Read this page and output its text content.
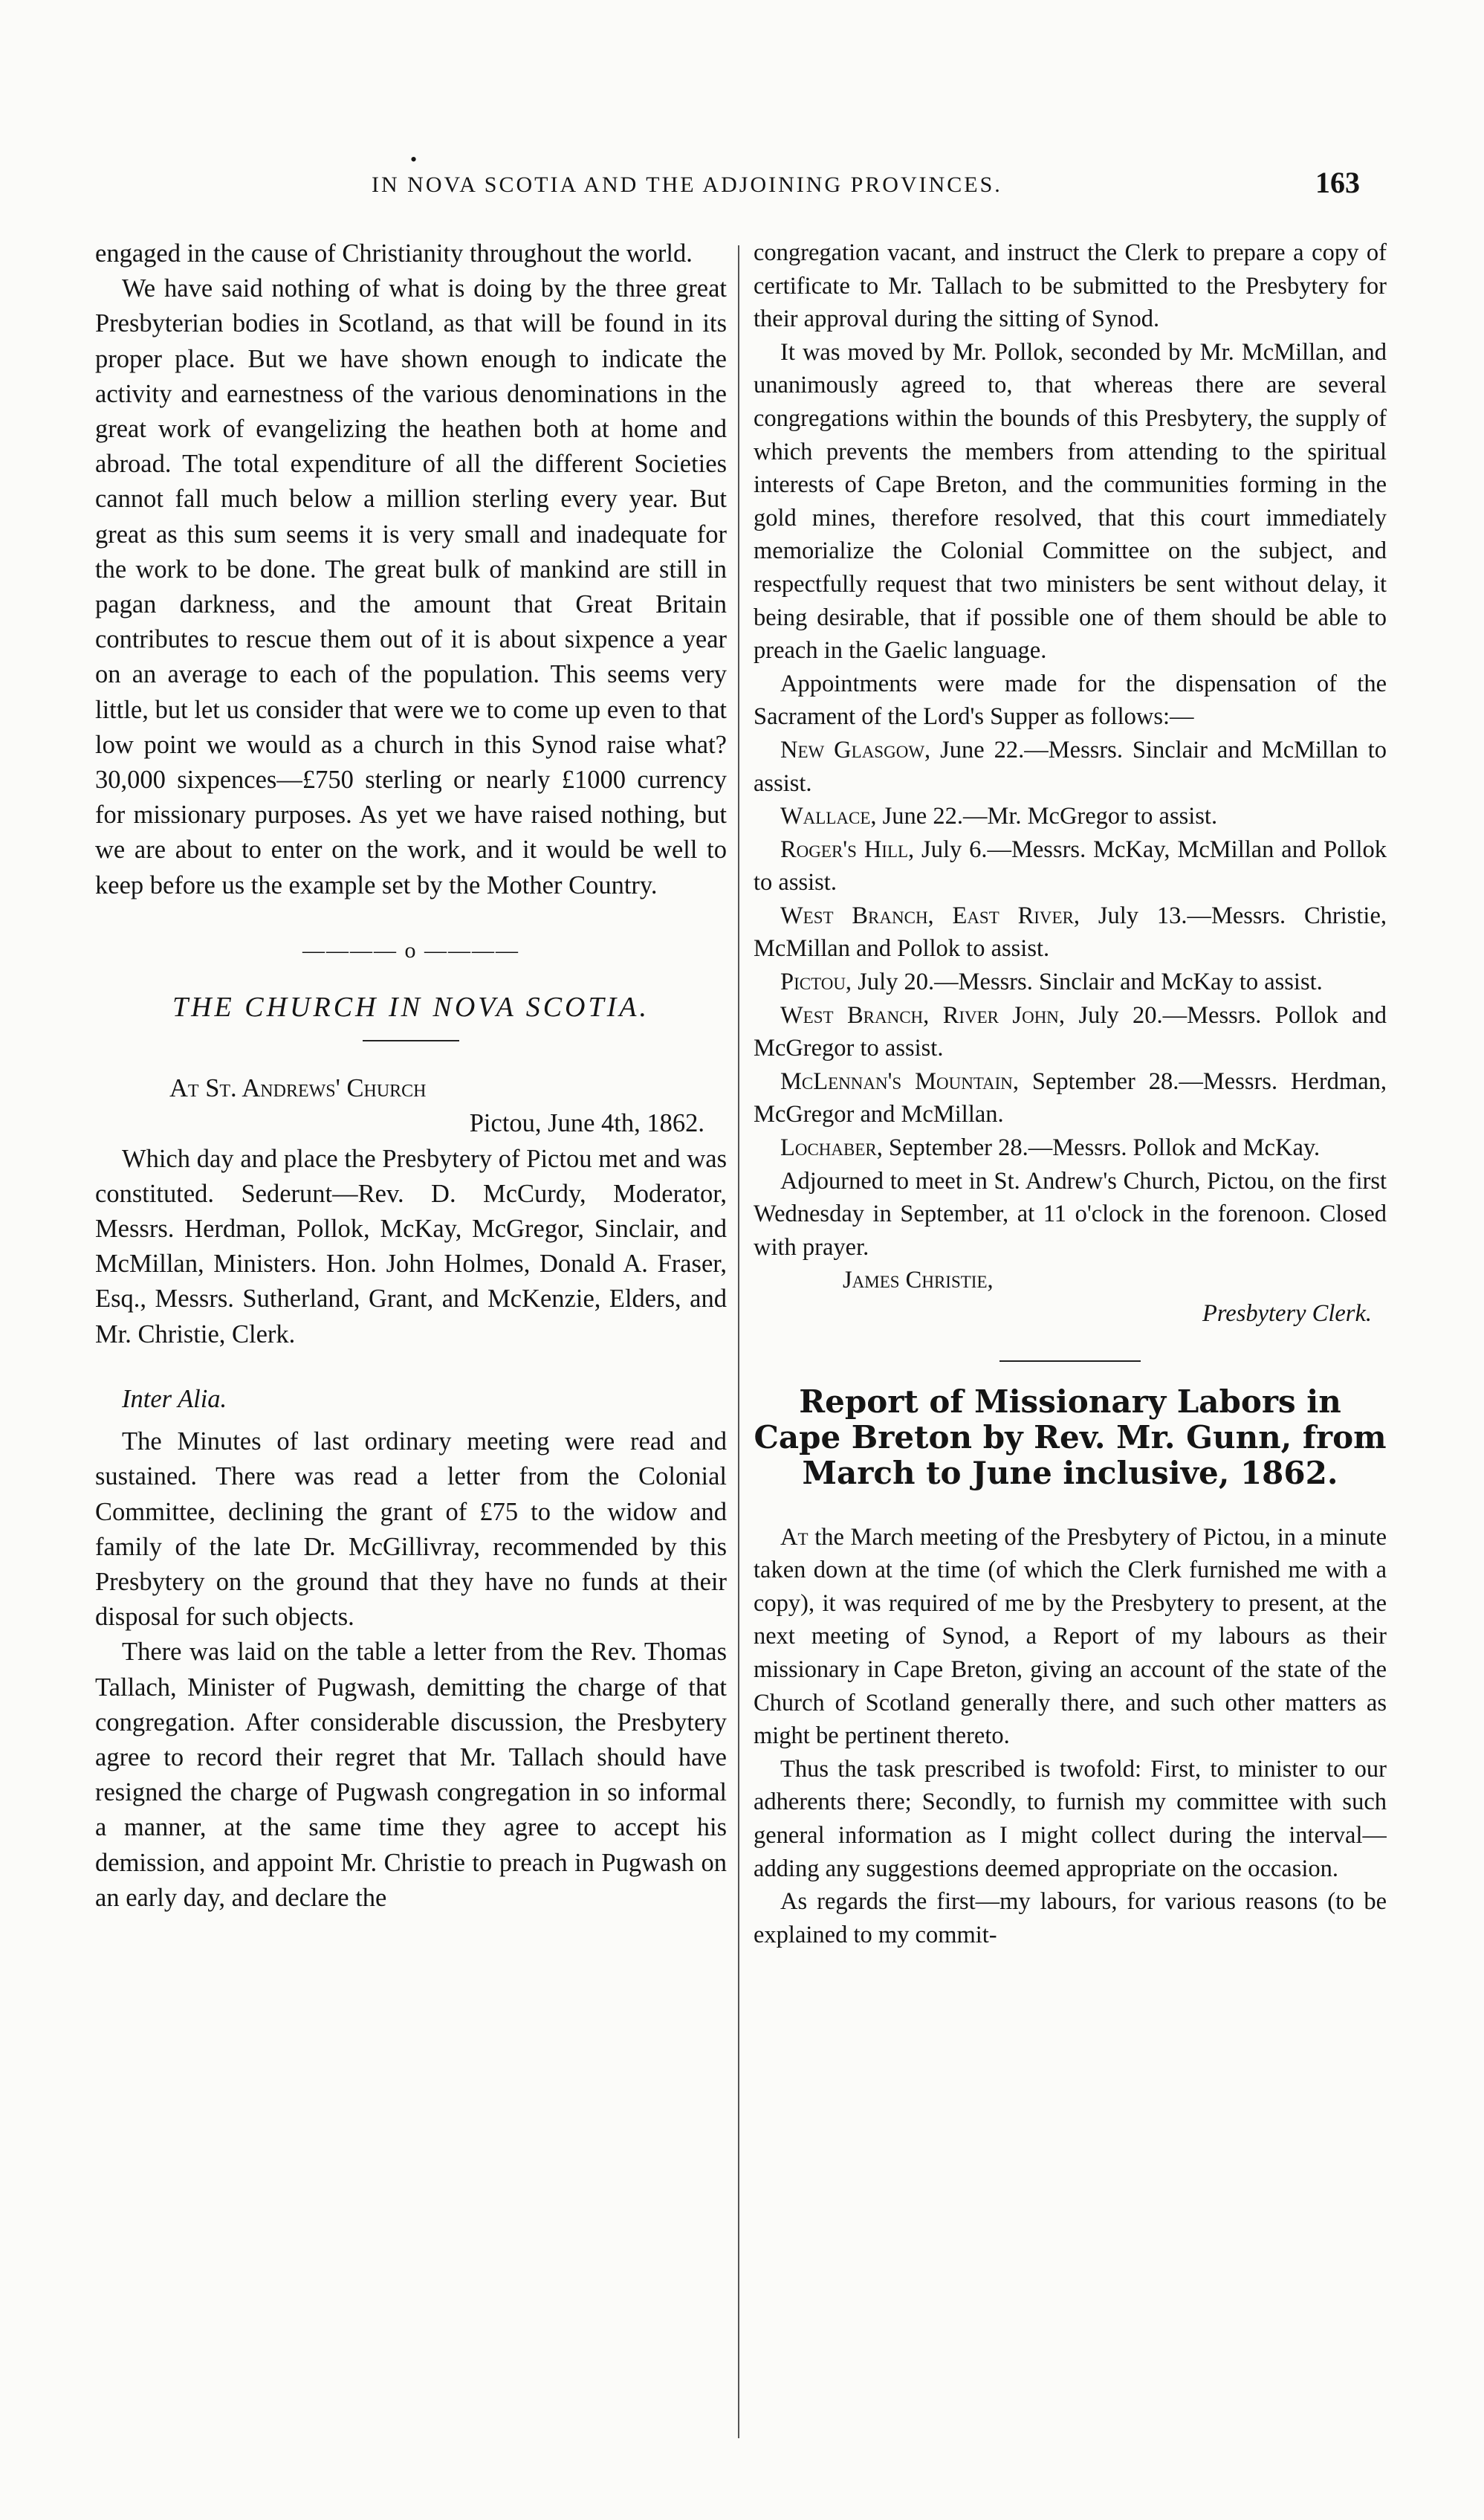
•
IN NOVA SCOTIA AND THE ADJOINING PROVINCES.	163

engaged in the cause of Christianity throughout the world.

We have said nothing of what is doing by the three great Presbyterian bodies in Scotland, as that will be found in its proper place. But we have shown enough to indicate the activity and earnestness of the various denominations in the great work of evangelizing the heathen both at home and abroad. The total expenditure of all the different Societies cannot fall much below a million sterling every year. But great as this sum seems it is very small and inadequate for the work to be done. The great bulk of mankind are still in pagan darkness, and the amount that Great Britain contributes to rescue them out of it is about sixpence a year on an average to each of the population. This seems very little, but let us consider that were we to come up even to that low point we would as a church in this Synod raise what? 30,000 sixpences—£750 sterling or nearly £1000 currency for missionary purposes. As yet we have raised nothing, but we are about to enter on the work, and it would be well to keep before us the example set by the Mother Country.

———— o ————
THE CHURCH IN NOVA SCOTIA.
At St. Andrews' Church
Pictou, June 4th, 1862.

Which day and place the Presbytery of Pictou met and was constituted. Sederunt—Rev. D. McCurdy, Moderator, Messrs. Herdman, Pollok, McKay, McGregor, Sinclair, and McMillan, Ministers. Hon. John Holmes, Donald A. Fraser, Esq., Messrs. Sutherland, Grant, and McKenzie, Elders, and Mr. Christie, Clerk.

Inter Alia.

The Minutes of last ordinary meeting were read and sustained. There was read a letter from the Colonial Committee, declining the grant of £75 to the widow and family of the late Dr. McGillivray, recommended by this Presbytery on the ground that they have no funds at their disposal for such objects.

There was laid on the table a letter from the Rev. Thomas Tallach, Minister of Pugwash, demitting the charge of that congregation. After considerable discussion, the Presbytery agree to record their regret that Mr. Tallach should have resigned the charge of Pugwash congregation in so informal a manner, at the same time they agree to accept his demission, and appoint Mr. Christie to preach in Pugwash on an early day, and declare the

congregation vacant, and instruct the Clerk to prepare a copy of certificate to Mr. Tallach to be submitted to the Presbytery for their approval during the sitting of Synod.

It was moved by Mr. Pollok, seconded by Mr. McMillan, and unanimously agreed to, that whereas there are several congregations within the bounds of this Presbytery, the supply of which prevents the members from attending to the spiritual interests of Cape Breton, and the communities forming in the gold mines, therefore resolved, that this court immediately memorialize the Colonial Committee on the subject, and respectfully request that two ministers be sent without delay, it being desirable, that if possible one of them should be able to preach in the Gaelic language.

Appointments were made for the dispensation of the Sacrament of the Lord's Supper as follows:—

New Glasgow, June 22.—Messrs. Sinclair and McMillan to assist.

Wallace, June 22.—Mr. McGregor to assist.

Roger's Hill, July 6.—Messrs. McKay, McMillan and Pollok to assist.

West Branch, East River, July 13.—Messrs. Christie, McMillan and Pollok to assist.

Pictou, July 20.—Messrs. Sinclair and McKay to assist.

West Branch, River John, July 20.—Messrs. Pollok and McGregor to assist.

McLennan's Mountain, September 28.—Messrs. Herdman, McGregor and McMillan.

Lochaber, September 28.—Messrs. Pollok and McKay.

Adjourned to meet in St. Andrew's Church, Pictou, on the first Wednesday in September, at 11 o'clock in the forenoon. Closed with prayer.

James Christie,
Presbytery Clerk.
Report of Missionary Labors in Cape Breton by Rev. Mr. Gunn, from March to June inclusive, 1862.

At the March meeting of the Presbytery of Pictou, in a minute taken down at the time (of which the Clerk furnished me with a copy), it was required of me by the Presbytery to present, at the next meeting of Synod, a Report of my labours as their missionary in Cape Breton, giving an account of the state of the Church of Scotland generally there, and such other matters as might be pertinent thereto.

Thus the task prescribed is twofold: First, to minister to our adherents there; Secondly, to furnish my committee with such general information as I might collect during the interval—adding any suggestions deemed appropriate on the occasion.

As regards the first—my labours, for various reasons (to be explained to my commit-
